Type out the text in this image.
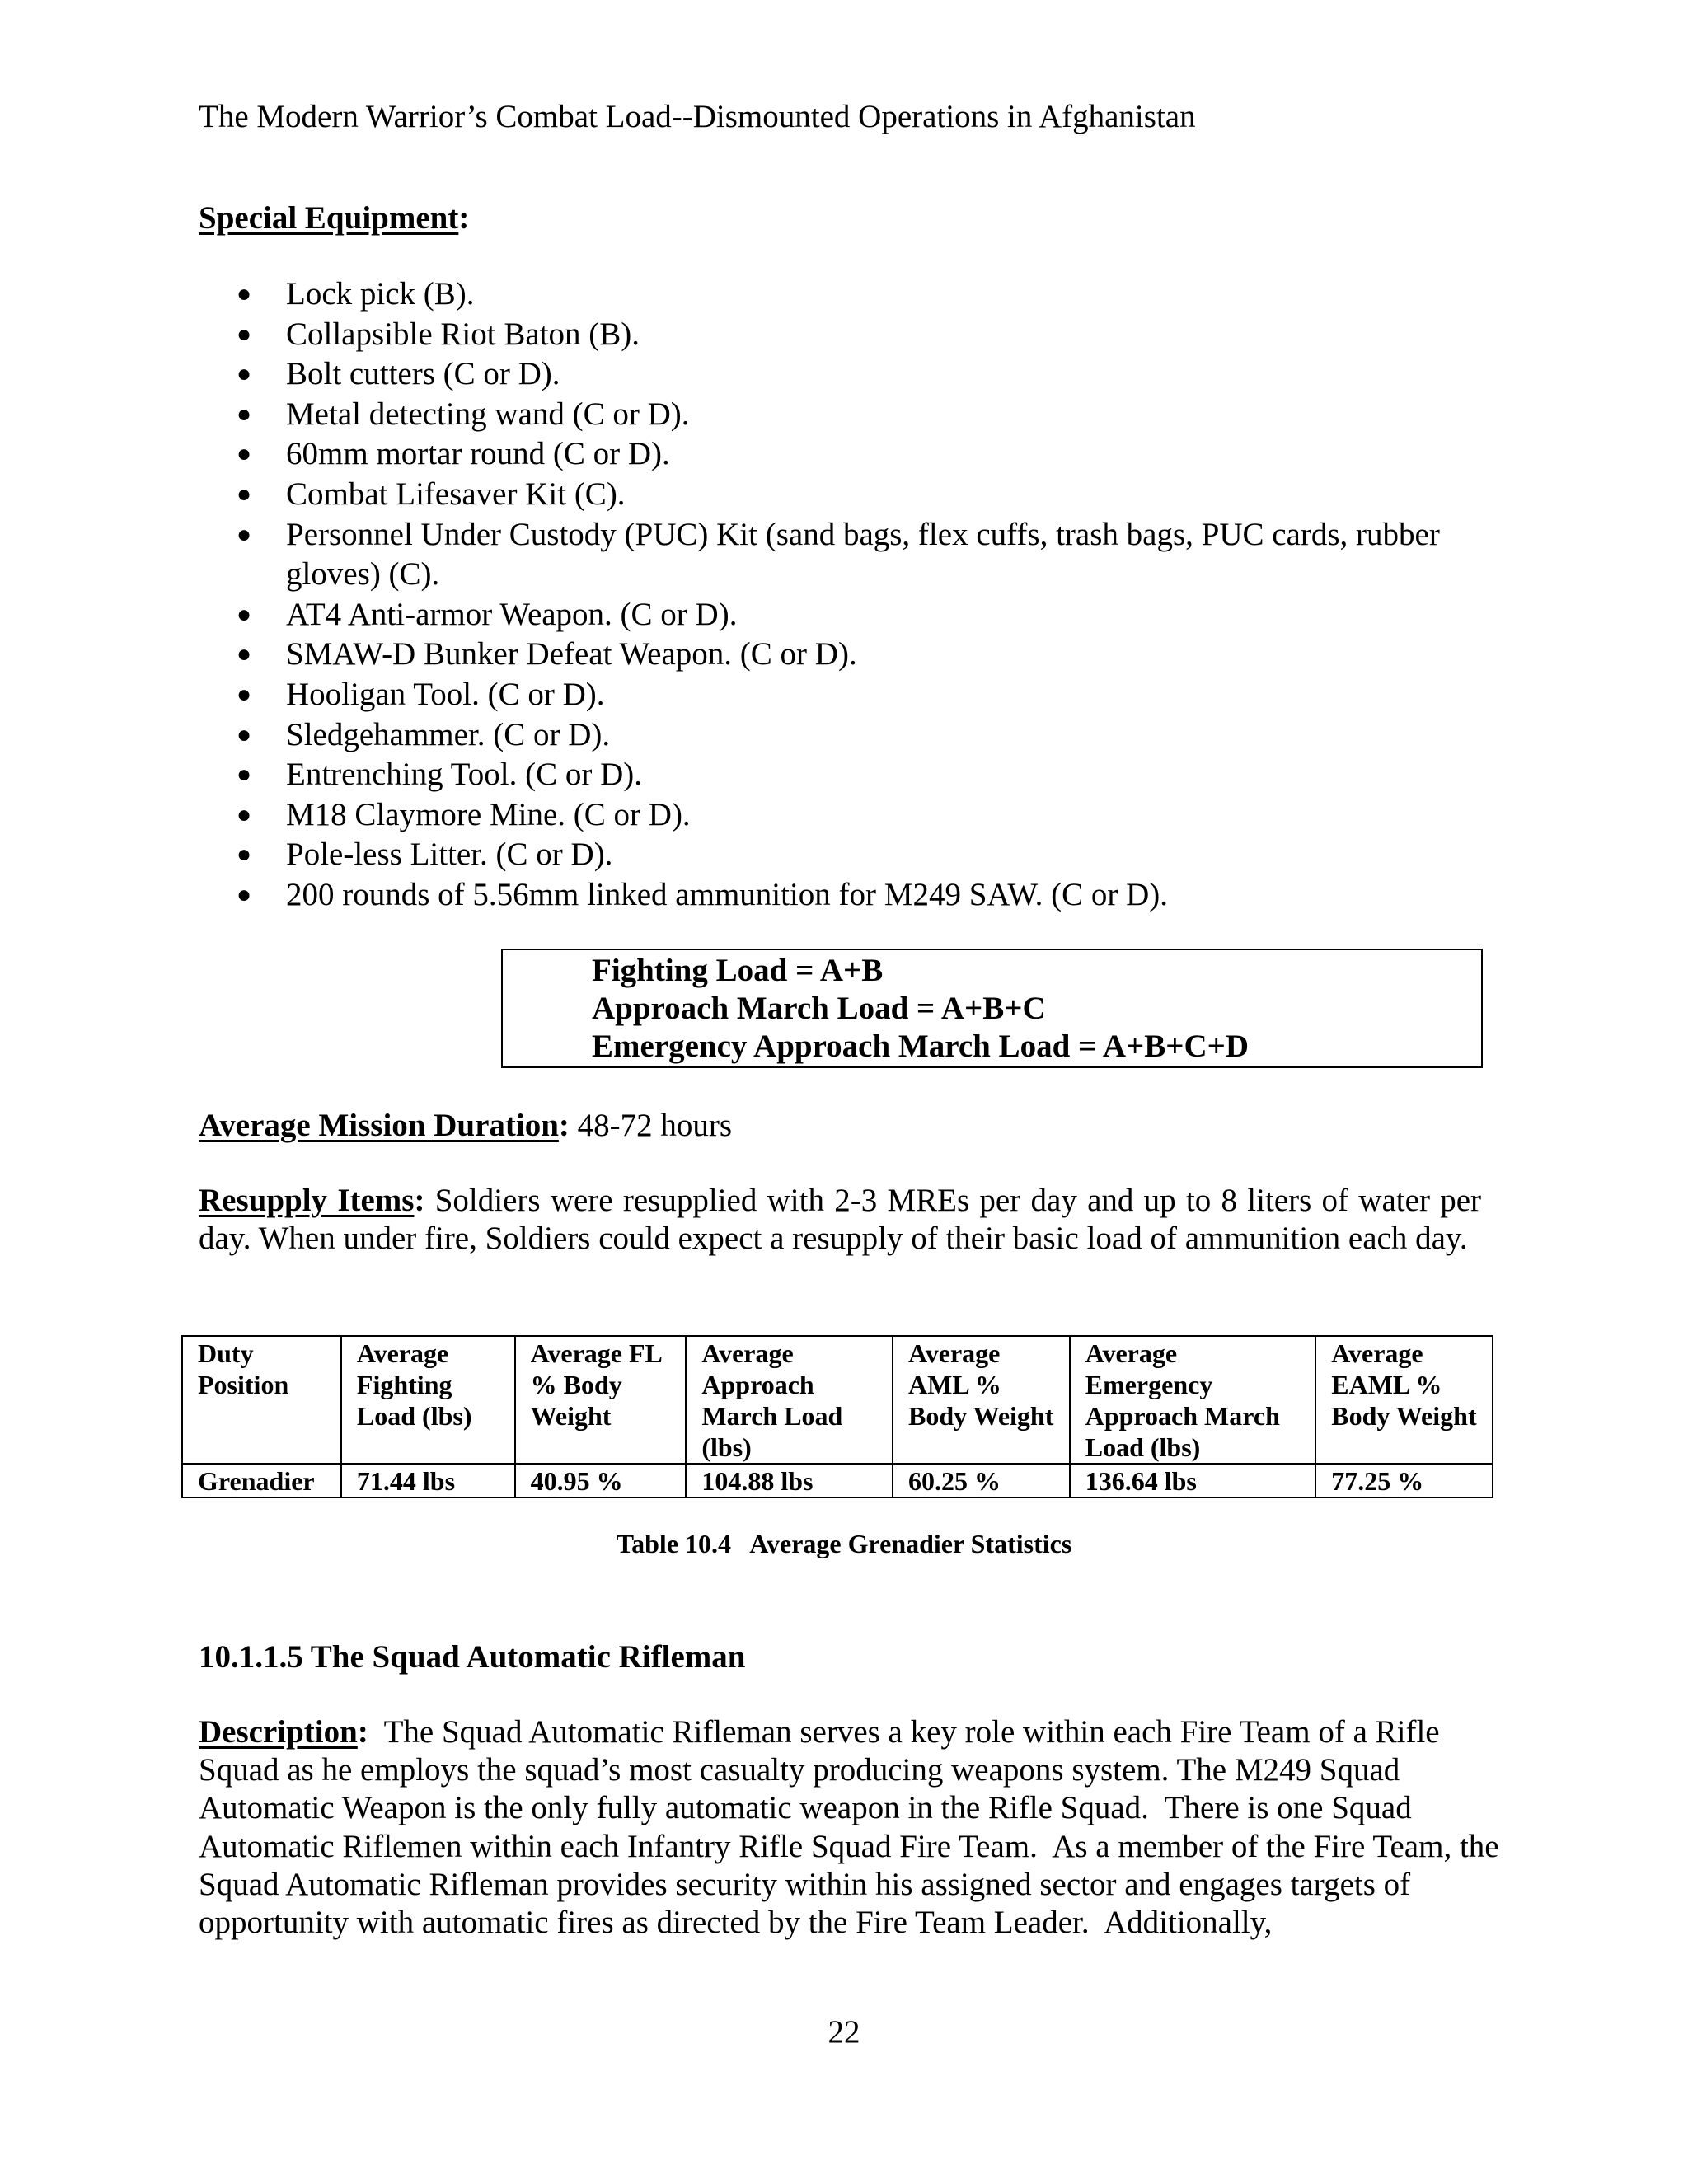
The Modern Warrior’s Combat Load--Dismounted Operations in Afghanistan
Special Equipment:
● Lock pick (B).
● Collapsible Riot Baton (B).
● Bolt cutters (C or D).
● Metal detecting wand (C or D).
● 60mm mortar round (C or D).
● Combat Lifesaver Kit (C).
● Personnel Under Custody (PUC) Kit (sand bags, flex cuffs, trash bags, PUC cards, rubber gloves) (C).
● AT4 Anti-armor Weapon. (C or D).
● SMAW-D Bunker Defeat Weapon. (C or D).
● Hooligan Tool. (C or D).
● Sledgehammer. (C or D).
● Entrenching Tool. (C or D).
● M18 Claymore Mine. (C or D).
● Pole-less Litter. (C or D).
● 200 rounds of 5.56mm linked ammunition for M249 SAW. (C or D).
Fighting Load = A+B
Approach March Load = A+B+C
Emergency Approach March Load = A+B+C+D
Average Mission Duration: 48-72 hours
Resupply Items: Soldiers were resupplied with 2-3 MREs per day and up to 8 liters of water per day. When under fire, Soldiers could expect a resupply of their basic load of ammunition each day.
Duty Position	Average Fighting Load (lbs)	Average FL % Body Weight	Average Approach March Load (lbs)	Average AML % Body Weight	Average Emergency Approach March Load (lbs)	Average EAML % Body Weight
Grenadier	71.44 lbs	40.95 %	104.88 lbs	60.25 %	136.64 lbs	77.25 %
Table 10.4   Average Grenadier Statistics
10.1.1.5 The Squad Automatic Rifleman
Description:  The Squad Automatic Rifleman serves a key role within each Fire Team of a Rifle Squad as he employs the squad’s most casualty producing weapons system. The M249 Squad Automatic Weapon is the only fully automatic weapon in the Rifle Squad.  There is one Squad Automatic Riflemen within each Infantry Rifle Squad Fire Team.  As a member of the Fire Team, the Squad Automatic Rifleman provides security within his assigned sector and engages targets of opportunity with automatic fires as directed by the Fire Team Leader.  Additionally,
22
